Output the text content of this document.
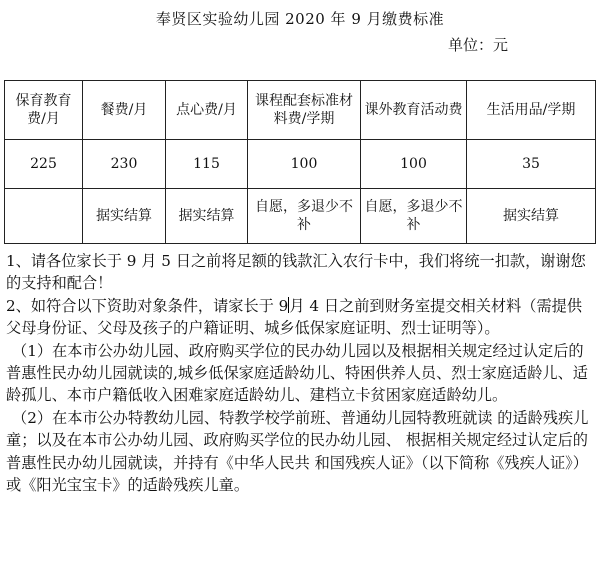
奉贤区实验幼儿园 2020 年 9 月缴费标准
单位：元
保育教育费/月	餐费/月	点心费/月	课程配套标准材料费/学期	课外教育活动费	生活用品/学期
225	230	115	100	100	35
	据实结算	据实结算	自愿，多退少不补	自愿，多退少不补	据实结算

1、请各位家长于 9 月 5 日之前将足额的钱款汇入农行卡中，我们将统一扣款，谢谢您的支持和配合！

2、如符合以下资助对象条件，请家长于 9月 4 日之前到财务室提交相关材料（需提供父母身份证、父母及孩子的户籍证明、城乡低保家庭证明、烈士证明等）。

（1）在本市公办幼儿园、政府购买学位的民办幼儿园以及根据相关规定经过认定后的普惠性民办幼儿园就读的,城乡低保家庭适龄幼儿、特困供养人员、烈士家庭适龄儿、适龄孤儿、本市户籍低收入困难家庭适龄幼儿、建档立卡贫困家庭适龄幼儿。

（2）在本市公办特教幼儿园、特教学校学前班、普通幼儿园特教班就读 的适龄残疾儿童；以及在本市公办幼儿园、政府购买学位的民办幼儿园、 根据相关规定经过认定后的普惠性民办幼儿园就读，并持有《中华人民共 和国残疾人证》（以下简称《残疾人证》）或《阳光宝宝卡》的适龄残疾儿童。
